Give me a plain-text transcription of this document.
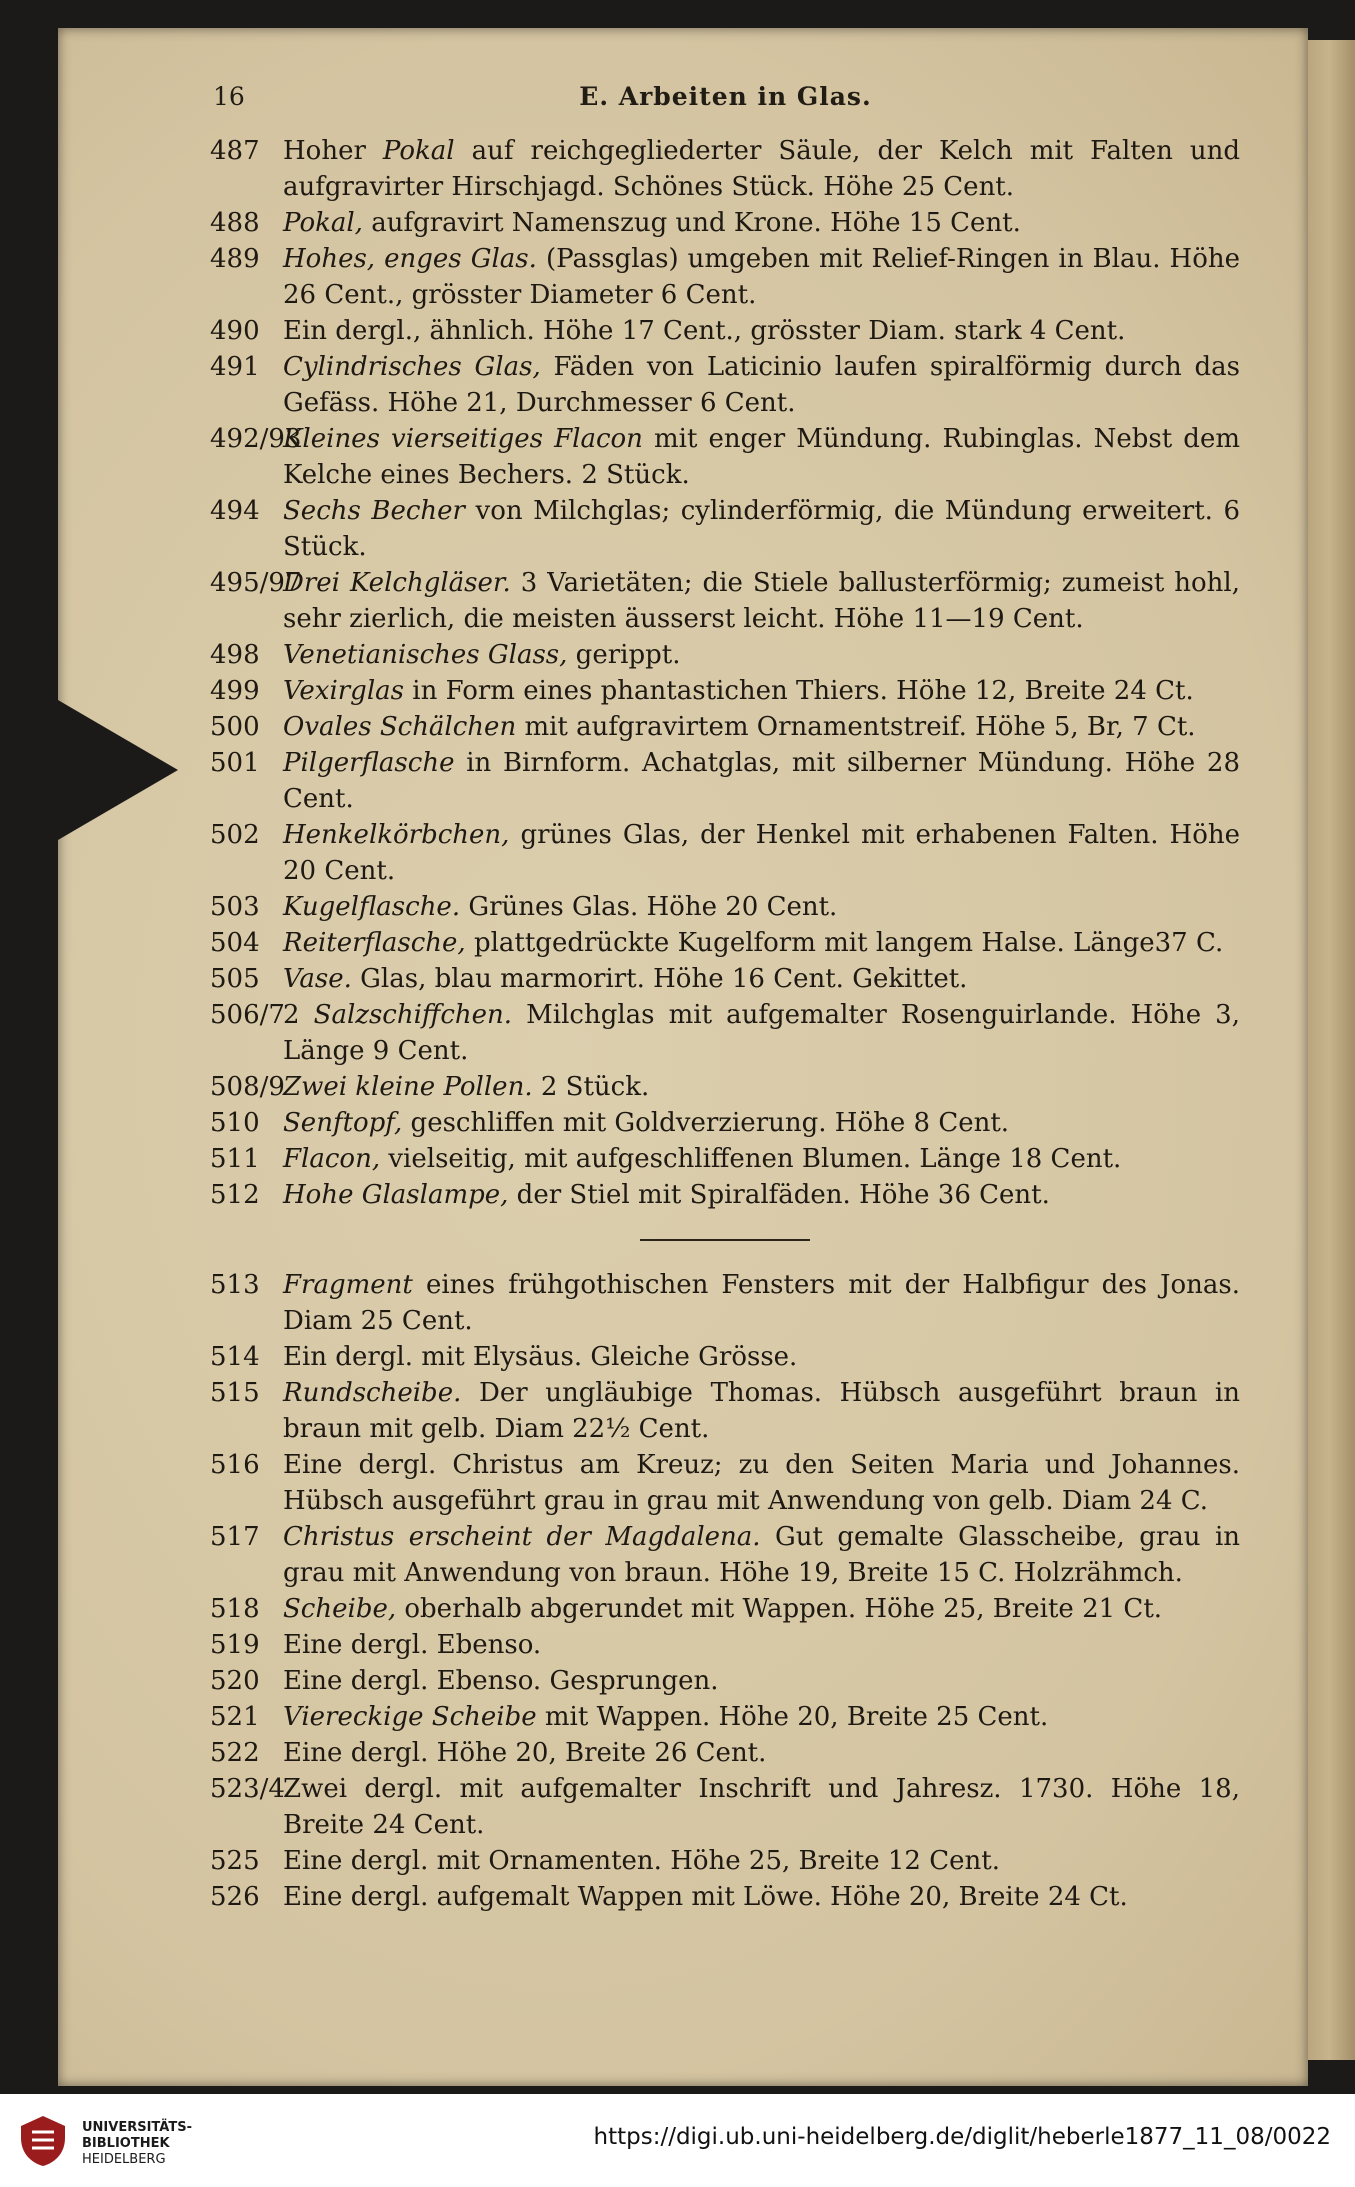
16	E. Arbeiten in Glas.
487 Hoher Pokal auf reichgegliederter Säule, der Kelch mit Falten und aufgravirter Hirschjagd. Schönes Stück. Höhe 25 Cent.
488 Pokal, aufgravirt Namenszug und Krone. Höhe 15 Cent.
489 Hohes, enges Glas. (Passglas) umgeben mit Relief-Ringen in Blau. Höhe 26 Cent., grösster Diameter 6 Cent.
490 Ein dergl., ähnlich. Höhe 17 Cent., grösster Diam. stark 4 Cent.
491 Cylindrisches Glas, Fäden von Laticinio laufen spiralförmig durch das Gefäss. Höhe 21, Durchmesser 6 Cent.
492/93
Kleines vierseitiges Flacon mit enger Mündung. Rubinglas. Nebst dem Kelche eines Bechers. 2 Stück.
494 Sechs Becher von Milchglas; cylinderförmig, die Mündung erweitert. 6 Stück.
495/97
Drei Kelchgläser. 3 Varietäten; die Stiele ballusterförmig; zumeist hohl, sehr zierlich, die meisten äusserst leicht. Höhe 11—19 Cent.
498 Venetianisches Glass, gerippt.
499 Vexirglas in Form eines phantastichen Thiers. Höhe 12, Breite 24 Ct.
500 Ovales Schälchen mit aufgravirtem Ornamentstreif. Höhe 5, Br, 7 Ct.
501 Pilgerflasche in Birnform. Achatglas, mit silberner Mündung. Höhe 28 Cent.
502 Henkelkörbchen, grünes Glas, der Henkel mit erhabenen Falten. Höhe 20 Cent.
503 Kugelflasche. Grünes Glas. Höhe 20 Cent.
504 Reiterflasche, plattgedrückte Kugelform mit langem Halse. Länge37 C.
505 Vase. Glas, blau marmorirt. Höhe 16 Cent. Gekittet.
506/7
2 Salzschiffchen. Milchglas mit aufgemalter Rosenguirlande. Höhe 3, Länge 9 Cent.
508/9
Zwei kleine Pollen. 2 Stück.
510 Senftopf, geschliffen mit Goldverzierung. Höhe 8 Cent.
511 Flacon, vielseitig, mit aufgeschliffenen Blumen. Länge 18 Cent.
512 Hohe Glaslampe, der Stiel mit Spiralfäden. Höhe 36 Cent.
513 Fragment eines frühgothischen Fensters mit der Halbfigur des Jonas. Diam 25 Cent.
514 Ein dergl. mit Elysäus. Gleiche Grösse.
515 Rundscheibe. Der ungläubige Thomas. Hübsch ausgeführt braun in braun mit gelb. Diam 22½ Cent.
516 Eine dergl. Christus am Kreuz; zu den Seiten Maria und Johannes. Hübsch ausgeführt grau in grau mit Anwendung von gelb. Diam 24 C.
517 Christus erscheint der Magdalena. Gut gemalte Glasscheibe, grau in grau mit Anwendung von braun. Höhe 19, Breite 15 C. Holzrähmch.
518 Scheibe, oberhalb abgerundet mit Wappen. Höhe 25, Breite 21 Ct.
519 Eine dergl. Ebenso.
520 Eine dergl. Ebenso. Gesprungen.
521 Viereckige Scheibe mit Wappen. Höhe 20, Breite 25 Cent.
522 Eine dergl. Höhe 20, Breite 26 Cent.
523/4
Zwei dergl. mit aufgemalter Inschrift und Jahresz. 1730. Höhe 18, Breite 24 Cent.
525 Eine dergl. mit Ornamenten. Höhe 25, Breite 12 Cent.
526 Eine dergl. aufgemalt Wappen mit Löwe. Höhe 20, Breite 24 Ct.
UNIVERSITÄTS-
BIBLIOTHEK
HEIDELBERG
https://digi.ub.uni-heidelberg.de/diglit/heberle1877_11_08/0022
